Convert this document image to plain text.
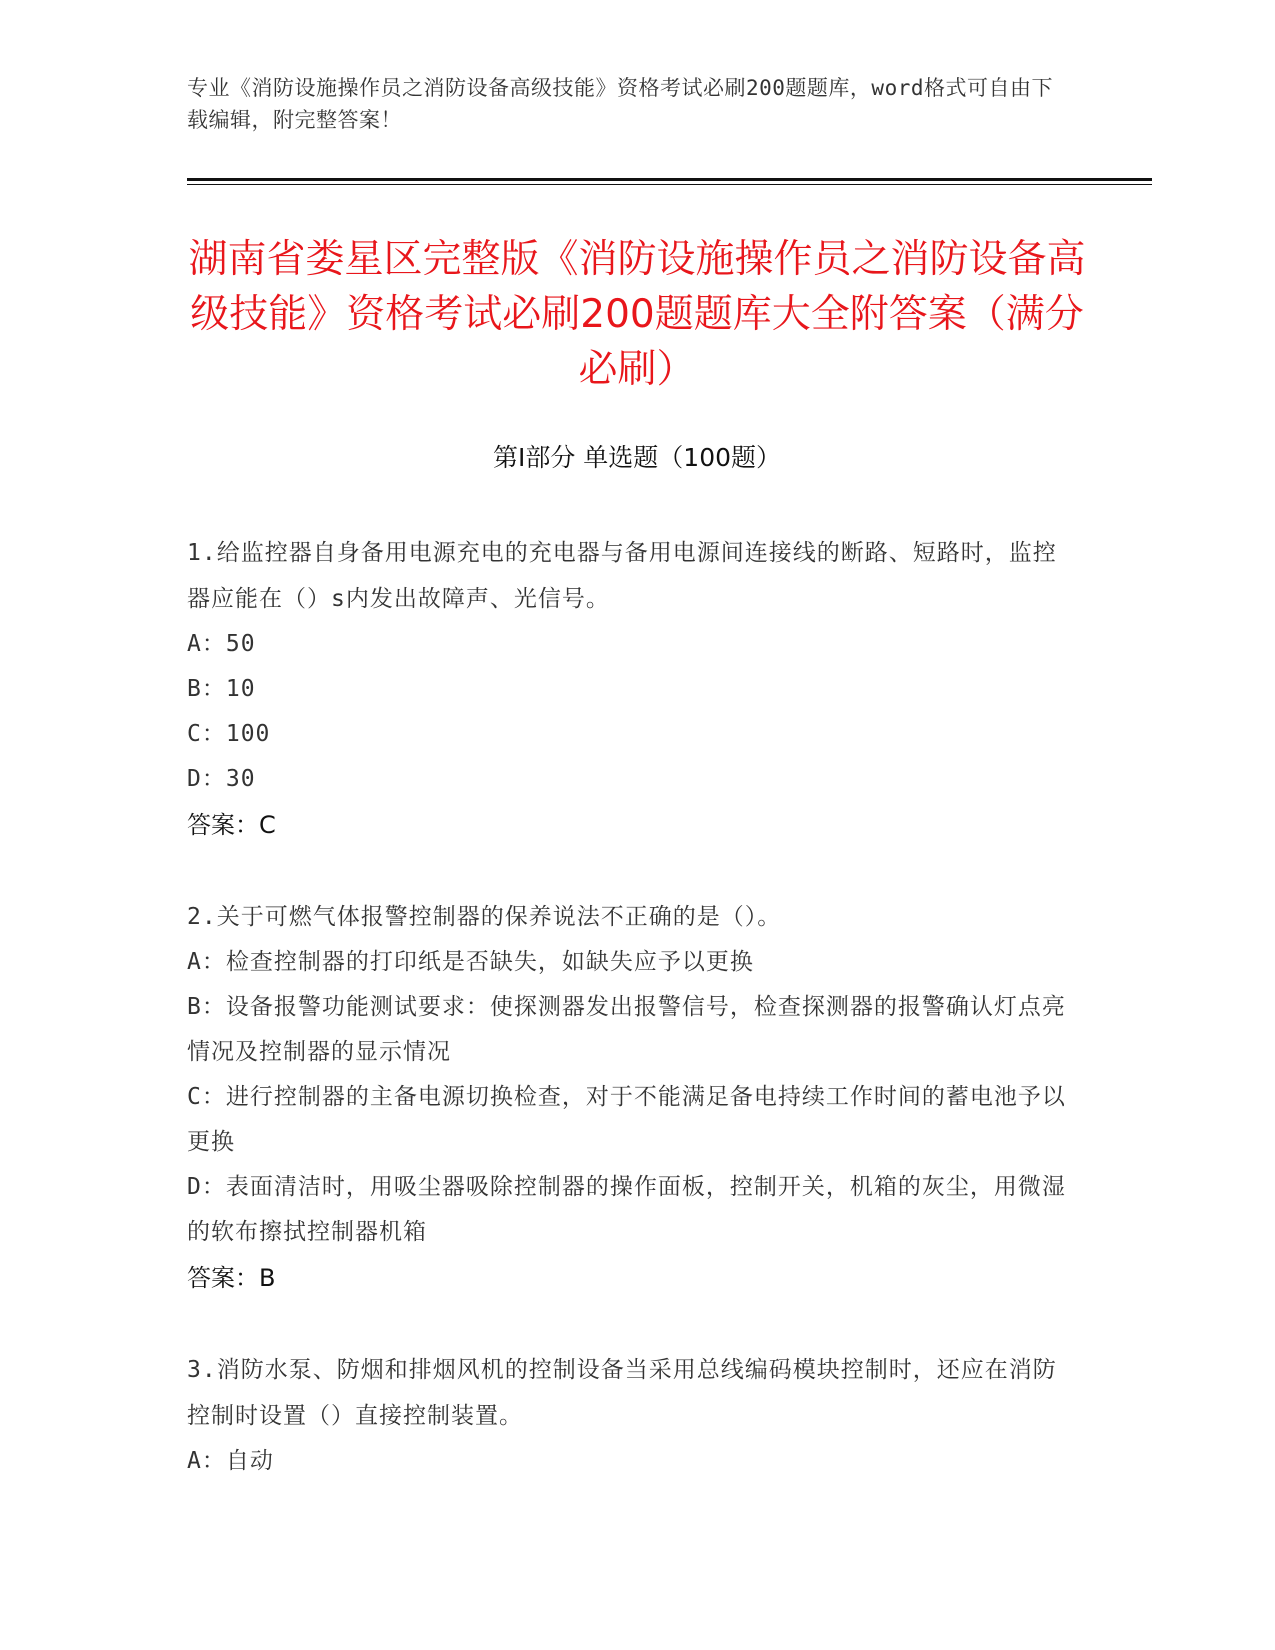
专业《消防设施操作员之消防设备高级技能》资格考试必刷200题题库，word格式可自由下载编辑，附完整答案！
湖南省娄星区完整版《消防设施操作员之消防设备高级技能》资格考试必刷200题题库大全附答案（满分必刷）
第Ⅰ部分 单选题（100题）
1.给监控器自身备用电源充电的充电器与备用电源间连接线的断路、短路时，监控器应能在（）s内发出故障声、光信号。
A：50
B：10
C：100
D：30
答案：C
2.关于可燃气体报警控制器的保养说法不正确的是（）。
A：检查控制器的打印纸是否缺失，如缺失应予以更换
B：设备报警功能测试要求：使探测器发出报警信号，检查探测器的报警确认灯点亮情况及控制器的显示情况
C：进行控制器的主备电源切换检查，对于不能满足备电持续工作时间的蓄电池予以更换
D：表面清洁时，用吸尘器吸除控制器的操作面板，控制开关，机箱的灰尘，用微湿的软布擦拭控制器机箱
答案：B
3.消防水泵、防烟和排烟风机的控制设备当采用总线编码模块控制时，还应在消防控制时设置（）直接控制装置。
A：自动
